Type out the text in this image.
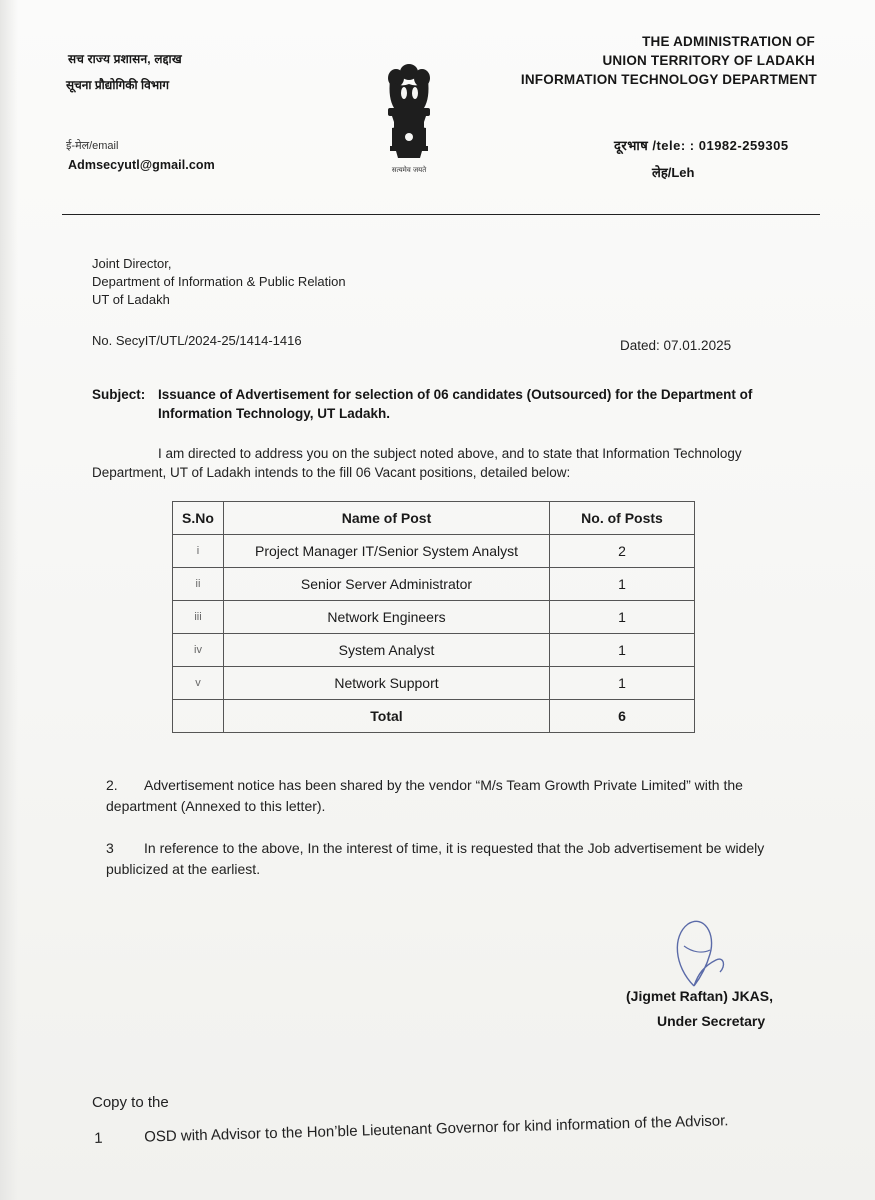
सच राज्य प्रशासन, लद्दाख
सूचना प्रौद्योगिकी विभाग
ई-मेल/email
Admsecyutl@gmail.com	सत्यमेव जयते
THE ADMINISTRATION OF
UNION TERRITORY OF LADAKH
INFORMATION TECHNOLOGY DEPARTMENT
दूरभाष /tele: : 01982-259305
लेह/Leh
Joint Director,
Department of Information & Public Relation
UT of Ladakh
No. SecyIT/UTL/2024-25/1414-1416	Dated: 07.01.2025
Subject: Issuance of Advertisement for selection of 06 candidates (Outsourced) for the Department of Information Technology, UT Ladakh.
I am directed to address you on the subject noted above, and to state that Information Technology Department, UT of Ladakh intends to the fill 06 Vacant positions, detailed below:
S.No	Name of Post	No. of Posts
i	Project Manager IT/Senior System Analyst	2
ii	Senior Server Administrator	1
iii	Network Engineers	1
iv	System Analyst	1
v	Network Support	1
	Total	6
2. Advertisement notice has been shared by the vendor “M/s Team Growth Private Limited” with the department (Annexed to this letter).
3 In reference to the above, In the interest of time, it is requested that the Job advertisement be widely publicized at the earliest.
(Jigmet Raftan) JKAS,
Under Secretary
Copy to the
1	OSD with Advisor to the Hon’ble Lieutenant Governor for kind information of the Advisor.
